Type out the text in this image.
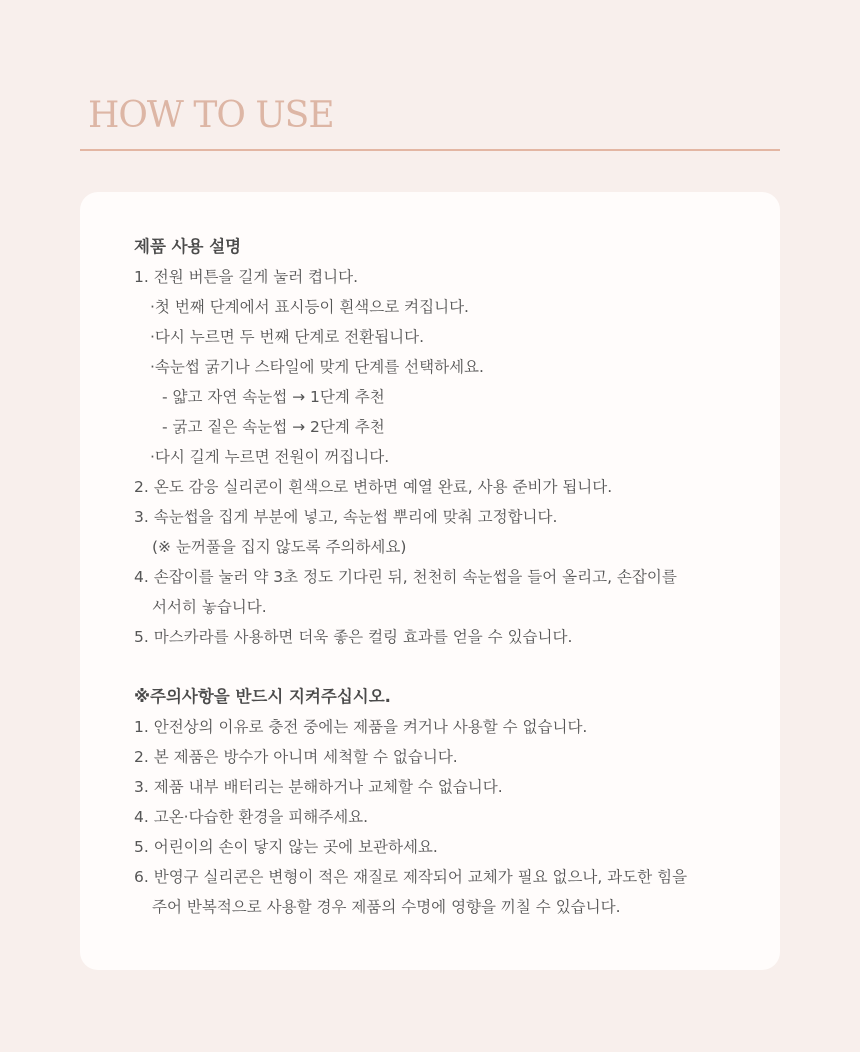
HOW TO USE
제품 사용 설명
1. 전원 버튼을 길게 눌러 켭니다.
·첫 번째 단계에서 표시등이 흰색으로 켜집니다.
·다시 누르면 두 번째 단계로 전환됩니다.
·속눈썹 굵기나 스타일에 맞게 단계를 선택하세요.
- 얇고 자연 속눈썹 → 1단계 추천
- 굵고 짙은 속눈썹 → 2단계 추천
·다시 길게 누르면 전원이 꺼집니다.
2. 온도 감응 실리콘이 흰색으로 변하면 예열 완료, 사용 준비가 됩니다.
3. 속눈썹을 집게 부분에 넣고, 속눈썹 뿌리에 맞춰 고정합니다.
(※ 눈꺼풀을 집지 않도록 주의하세요)
4. 손잡이를 눌러 약 3초 정도 기다린 뒤, 천천히 속눈썹을 들어 올리고, 손잡이를
서서히 놓습니다.
5. 마스카라를 사용하면 더욱 좋은 컬링 효과를 얻을 수 있습니다.
※주의사항을 반드시 지켜주십시오.
1. 안전상의 이유로 충전 중에는 제품을 켜거나 사용할 수 없습니다.
2. 본 제품은 방수가 아니며 세척할 수 없습니다.
3. 제품 내부 배터리는 분해하거나 교체할 수 없습니다.
4. 고온·다습한 환경을 피해주세요.
5. 어린이의 손이 닿지 않는 곳에 보관하세요.
6. 반영구 실리콘은 변형이 적은 재질로 제작되어 교체가 필요 없으나, 과도한 힘을
주어 반복적으로 사용할 경우 제품의 수명에 영향을 끼칠 수 있습니다.
